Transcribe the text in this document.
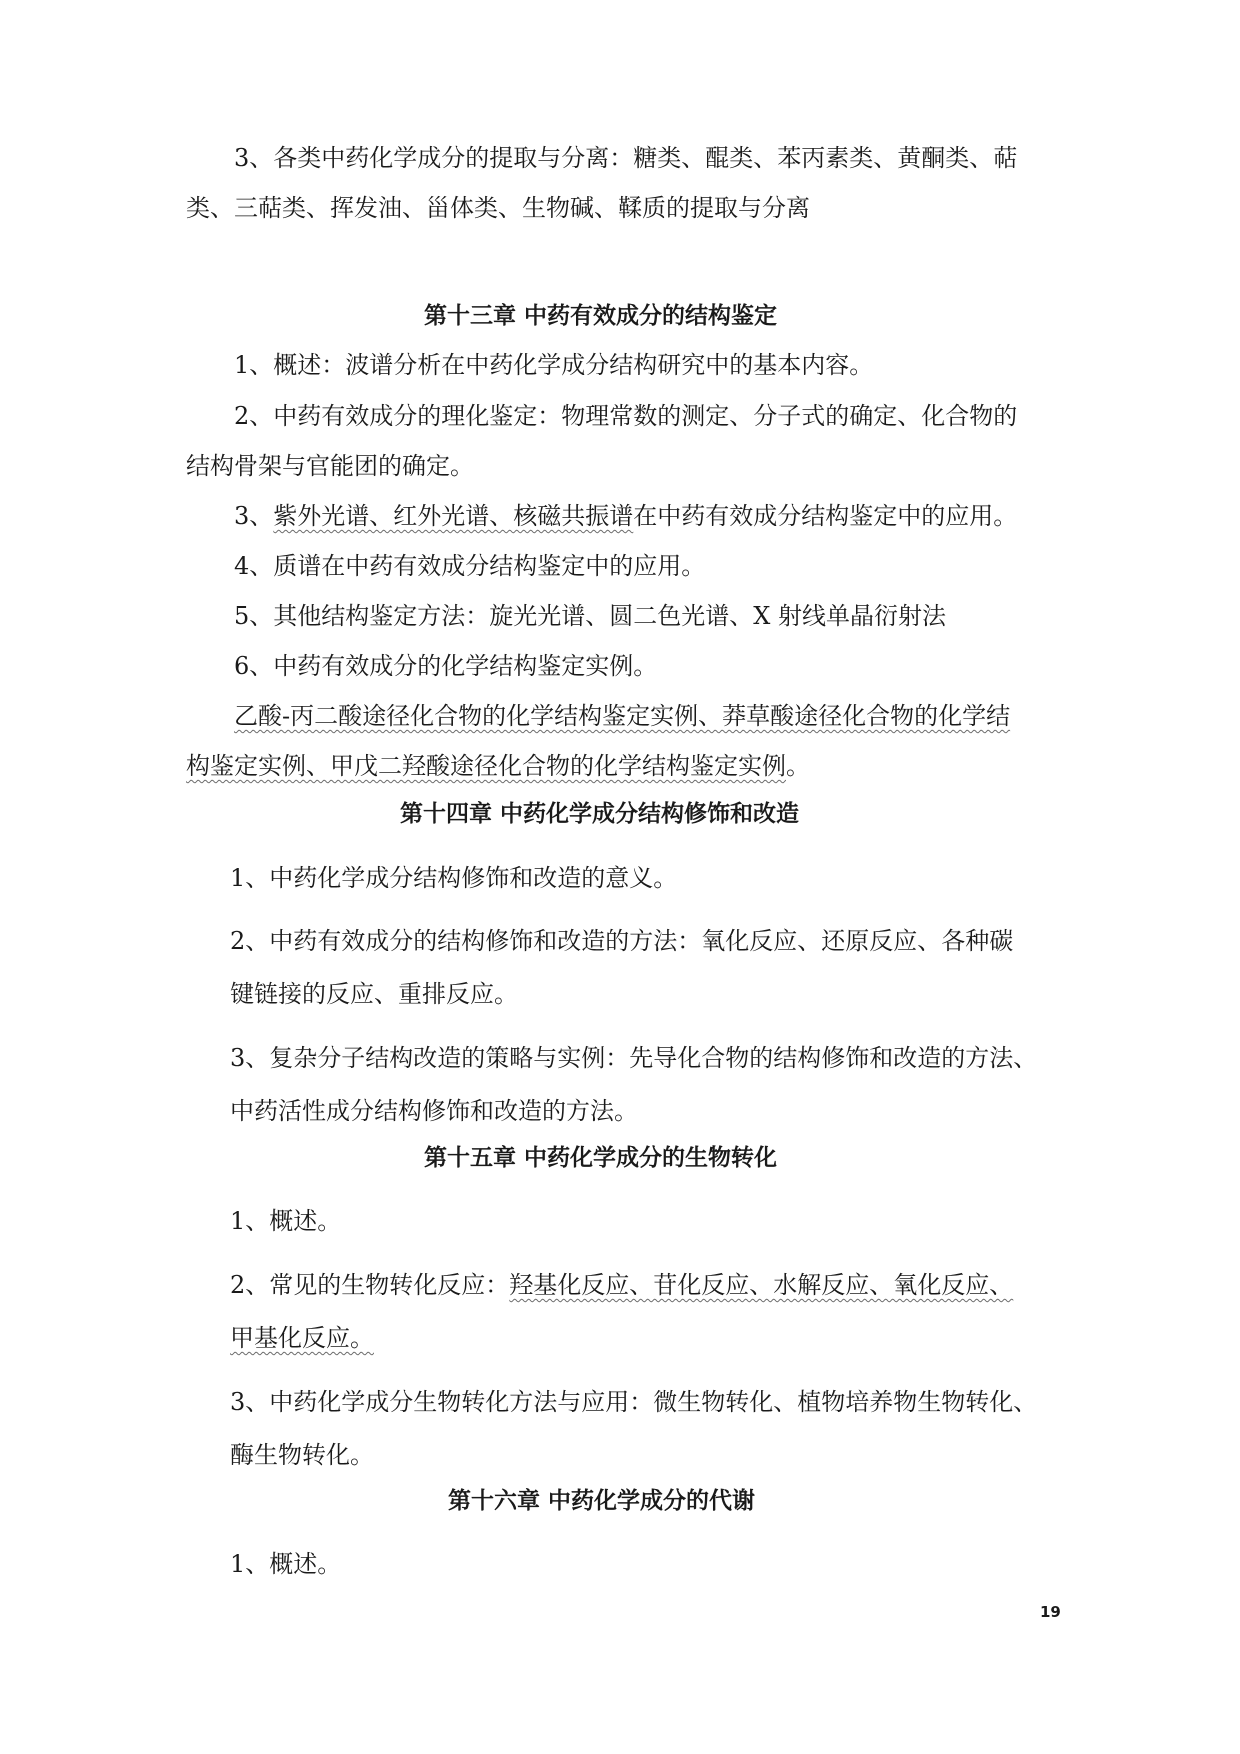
3、各类中药化学成分的提取与分离：糖类、醌类、苯丙素类、黄酮类、萜
类、三萜类、挥发油、甾体类、生物碱、鞣质的提取与分离
第十三章 中药有效成分的结构鉴定
1、概述：波谱分析在中药化学成分结构研究中的基本内容。
2、中药有效成分的理化鉴定：物理常数的测定、分子式的确定、化合物的
结构骨架与官能团的确定。
3、紫外光谱、红外光谱、核磁共振谱在中药有效成分结构鉴定中的应用。
4、质谱在中药有效成分结构鉴定中的应用。
5、其他结构鉴定方法：旋光光谱、圆二色光谱、X 射线单晶衍射法
6、中药有效成分的化学结构鉴定实例。
乙酸-丙二酸途径化合物的化学结构鉴定实例、莽草酸途径化合物的化学结
构鉴定实例、甲戊二羟酸途径化合物的化学结构鉴定实例。
第十四章 中药化学成分结构修饰和改造
1、中药化学成分结构修饰和改造的意义。
2、中药有效成分的结构修饰和改造的方法：氧化反应、还原反应、各种碳
键链接的反应、重排反应。
3、复杂分子结构改造的策略与实例：先导化合物的结构修饰和改造的方法、
中药活性成分结构修饰和改造的方法。
第十五章 中药化学成分的生物转化
1、概述。
2、常见的生物转化反应：羟基化反应、苷化反应、水解反应、氧化反应、
甲基化反应。
3、中药化学成分生物转化方法与应用：微生物转化、植物培养物生物转化、
酶生物转化。
第十六章 中药化学成分的代谢
1、概述。
19
